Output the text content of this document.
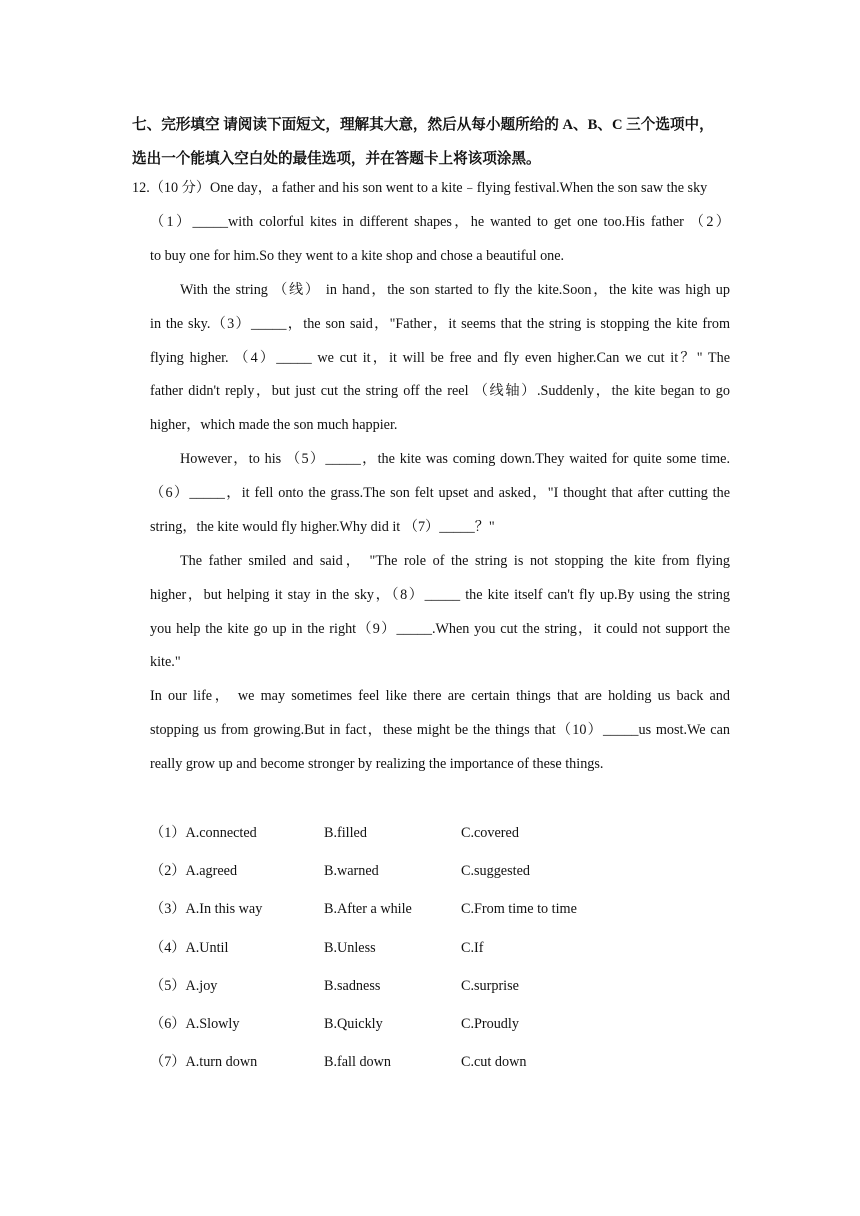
七、完形填空 请阅读下面短文，理解其大意，然后从每小题所给的 A、B、C 三个选项中，
选出一个能填入空白处的最佳选项，并在答题卡上将该项涂黑。
12.（10 分）One day，a father and his son went to a kite﹣flying festival.When the son saw the sky
（1）_____with colorful kites in different shapes，he wanted to get one too.His father （2）
to buy one for him.So they went to a kite shop and chose a beautiful one.
With the string （线） in hand，the son started to fly the kite.Soon，the kite was high up
in the sky.（3）_____，the son said，"Father，it seems that the string is stopping the kite from
flying higher. （4）_____ we cut it，it will be free and fly even higher.Can we cut it？" The
father didn't reply，but just cut the string off the reel （线轴）.Suddenly，the kite began to go
higher，which made the son much happier.
However，to his （5）_____，the kite was coming down.They waited for quite some time.
（6）_____，it fell onto the grass.The son felt upset and asked，"I thought that after cutting the
string，the kite would fly higher.Why did it （7）_____？"
The father smiled and said， "The role of the string is not stopping the kite from flying
higher，but helping it stay in the sky，（8）_____ the kite itself can't fly up.By using the string
you help the kite go up in the right（9）_____.When you cut the string，it could not support the
kite."
In our life， we may sometimes feel like there are certain things that are holding us back and
stopping us from growing.But in fact，these might be the things that（10）_____us most.We can
really grow up and become stronger by realizing the importance of these things.
（1）A.connected	B.filled	C.covered
（2）A.agreed	B.warned	C.suggested
（3）A.In this way	B.After a while	C.From time to time
（4）A.Until	B.Unless	C.If
（5）A.joy	B.sadness	C.surprise
（6）A.Slowly	B.Quickly	C.Proudly
（7）A.turn down	B.fall down	C.cut down
